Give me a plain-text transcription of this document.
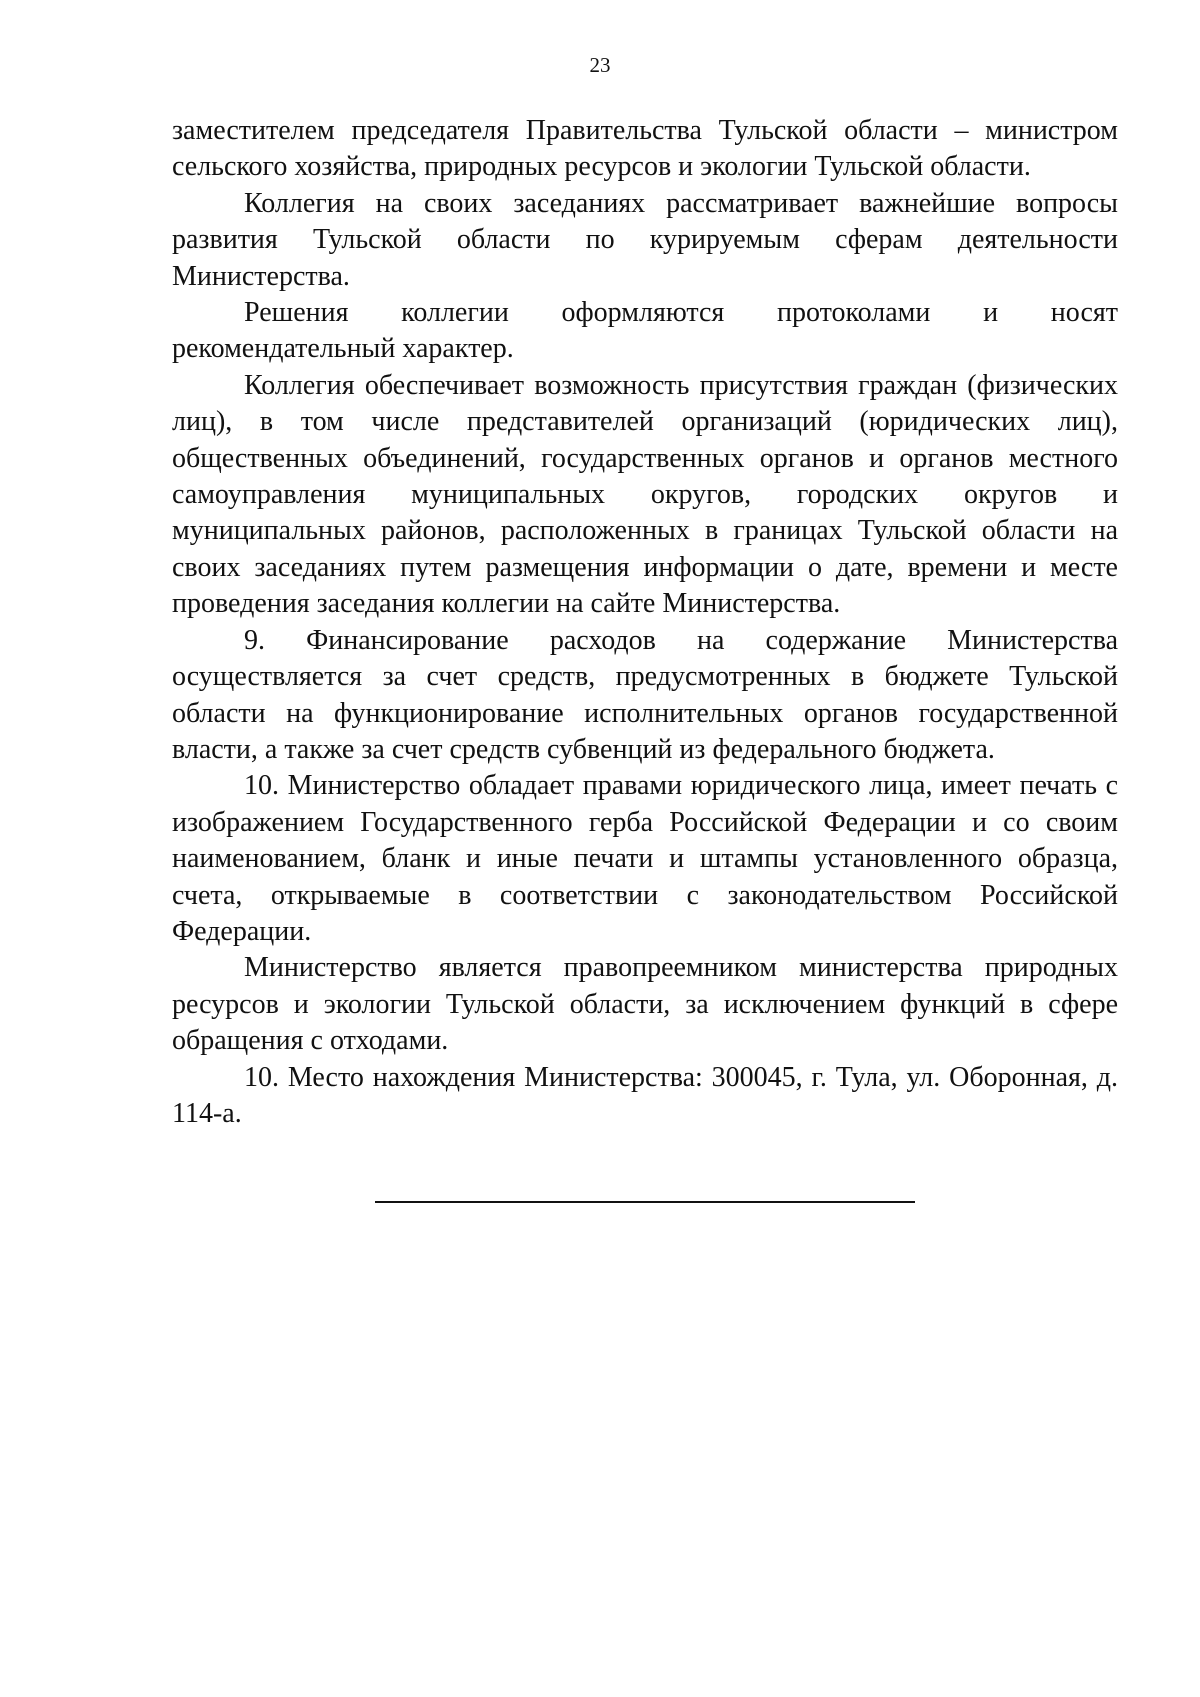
23

заместителем председателя Правительства Тульской области – министром сельского хозяйства, природных ресурсов и экологии Тульской области.

Коллегия на своих заседаниях рассматривает важнейшие вопросы развития Тульской области по курируемым сферам деятельности Министерства.

Решения коллегии оформляются протоколами и носят рекомендательный характер.

Коллегия обеспечивает возможность присутствия граждан (физических лиц), в том числе представителей организаций (юридических лиц), общественных объединений, государственных органов и органов местного самоуправления муниципальных округов, городских округов и муниципальных районов, расположенных в границах Тульской области на своих заседаниях путем размещения информации о дате, времени и месте проведения заседания коллегии на сайте Министерства.

9. Финансирование расходов на содержание Министерства осуществляется за счет средств, предусмотренных в бюджете Тульской области на функционирование исполнительных органов государственной власти, а также за счет средств субвенций из федерального бюджета.

10. Министерство обладает правами юридического лица, имеет печать с изображением Государственного герба Российской Федерации и со своим наименованием, бланк и иные печати и штампы установленного образца, счета, открываемые в соответствии с законодательством Российской Федерации.

Министерство является правопреемником министерства природных ресурсов и экологии Тульской области, за исключением функций в сфере обращения с отходами.

10. Место нахождения Министерства: 300045, г. Тула, ул. Оборонная, д. 114-а.
